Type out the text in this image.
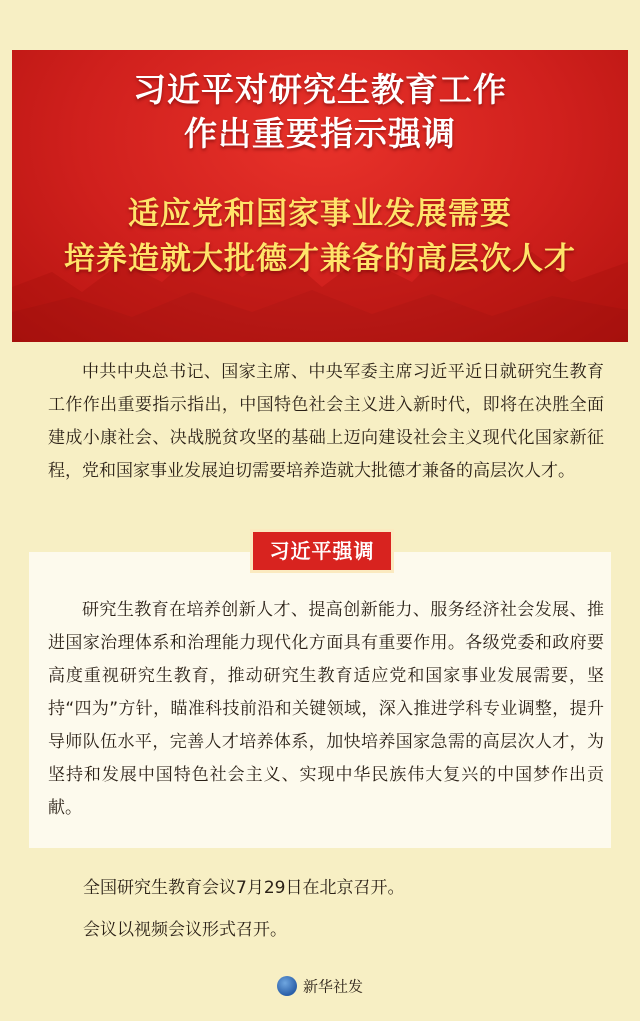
习近平对研究生教育工作
作出重要指示强调
适应党和国家事业发展需要
培养造就大批德才兼备的高层次人才

中共中央总书记、国家主席、中央军委主席习近平近日就研究生教育工作作出重要指示指出，中国特色社会主义进入新时代，即将在决胜全面建成小康社会、决战脱贫攻坚的基础上迈向建设社会主义现代化国家新征程，党和国家事业发展迫切需要培养造就大批德才兼备的高层次人才。

习近平强调

研究生教育在培养创新人才、提高创新能力、服务经济社会发展、推进国家治理体系和治理能力现代化方面具有重要作用。各级党委和政府要高度重视研究生教育，推动研究生教育适应党和国家事业发展需要，坚持“四为”方针，瞄准科技前沿和关键领域，深入推进学科专业调整，提升导师队伍水平，完善人才培养体系，加快培养国家急需的高层次人才，为坚持和发展中国特色社会主义、实现中华民族伟大复兴的中国梦作出贡献。

全国研究生教育会议7月29日在北京召开。
会议以视频会议形式召开。
新华社发
